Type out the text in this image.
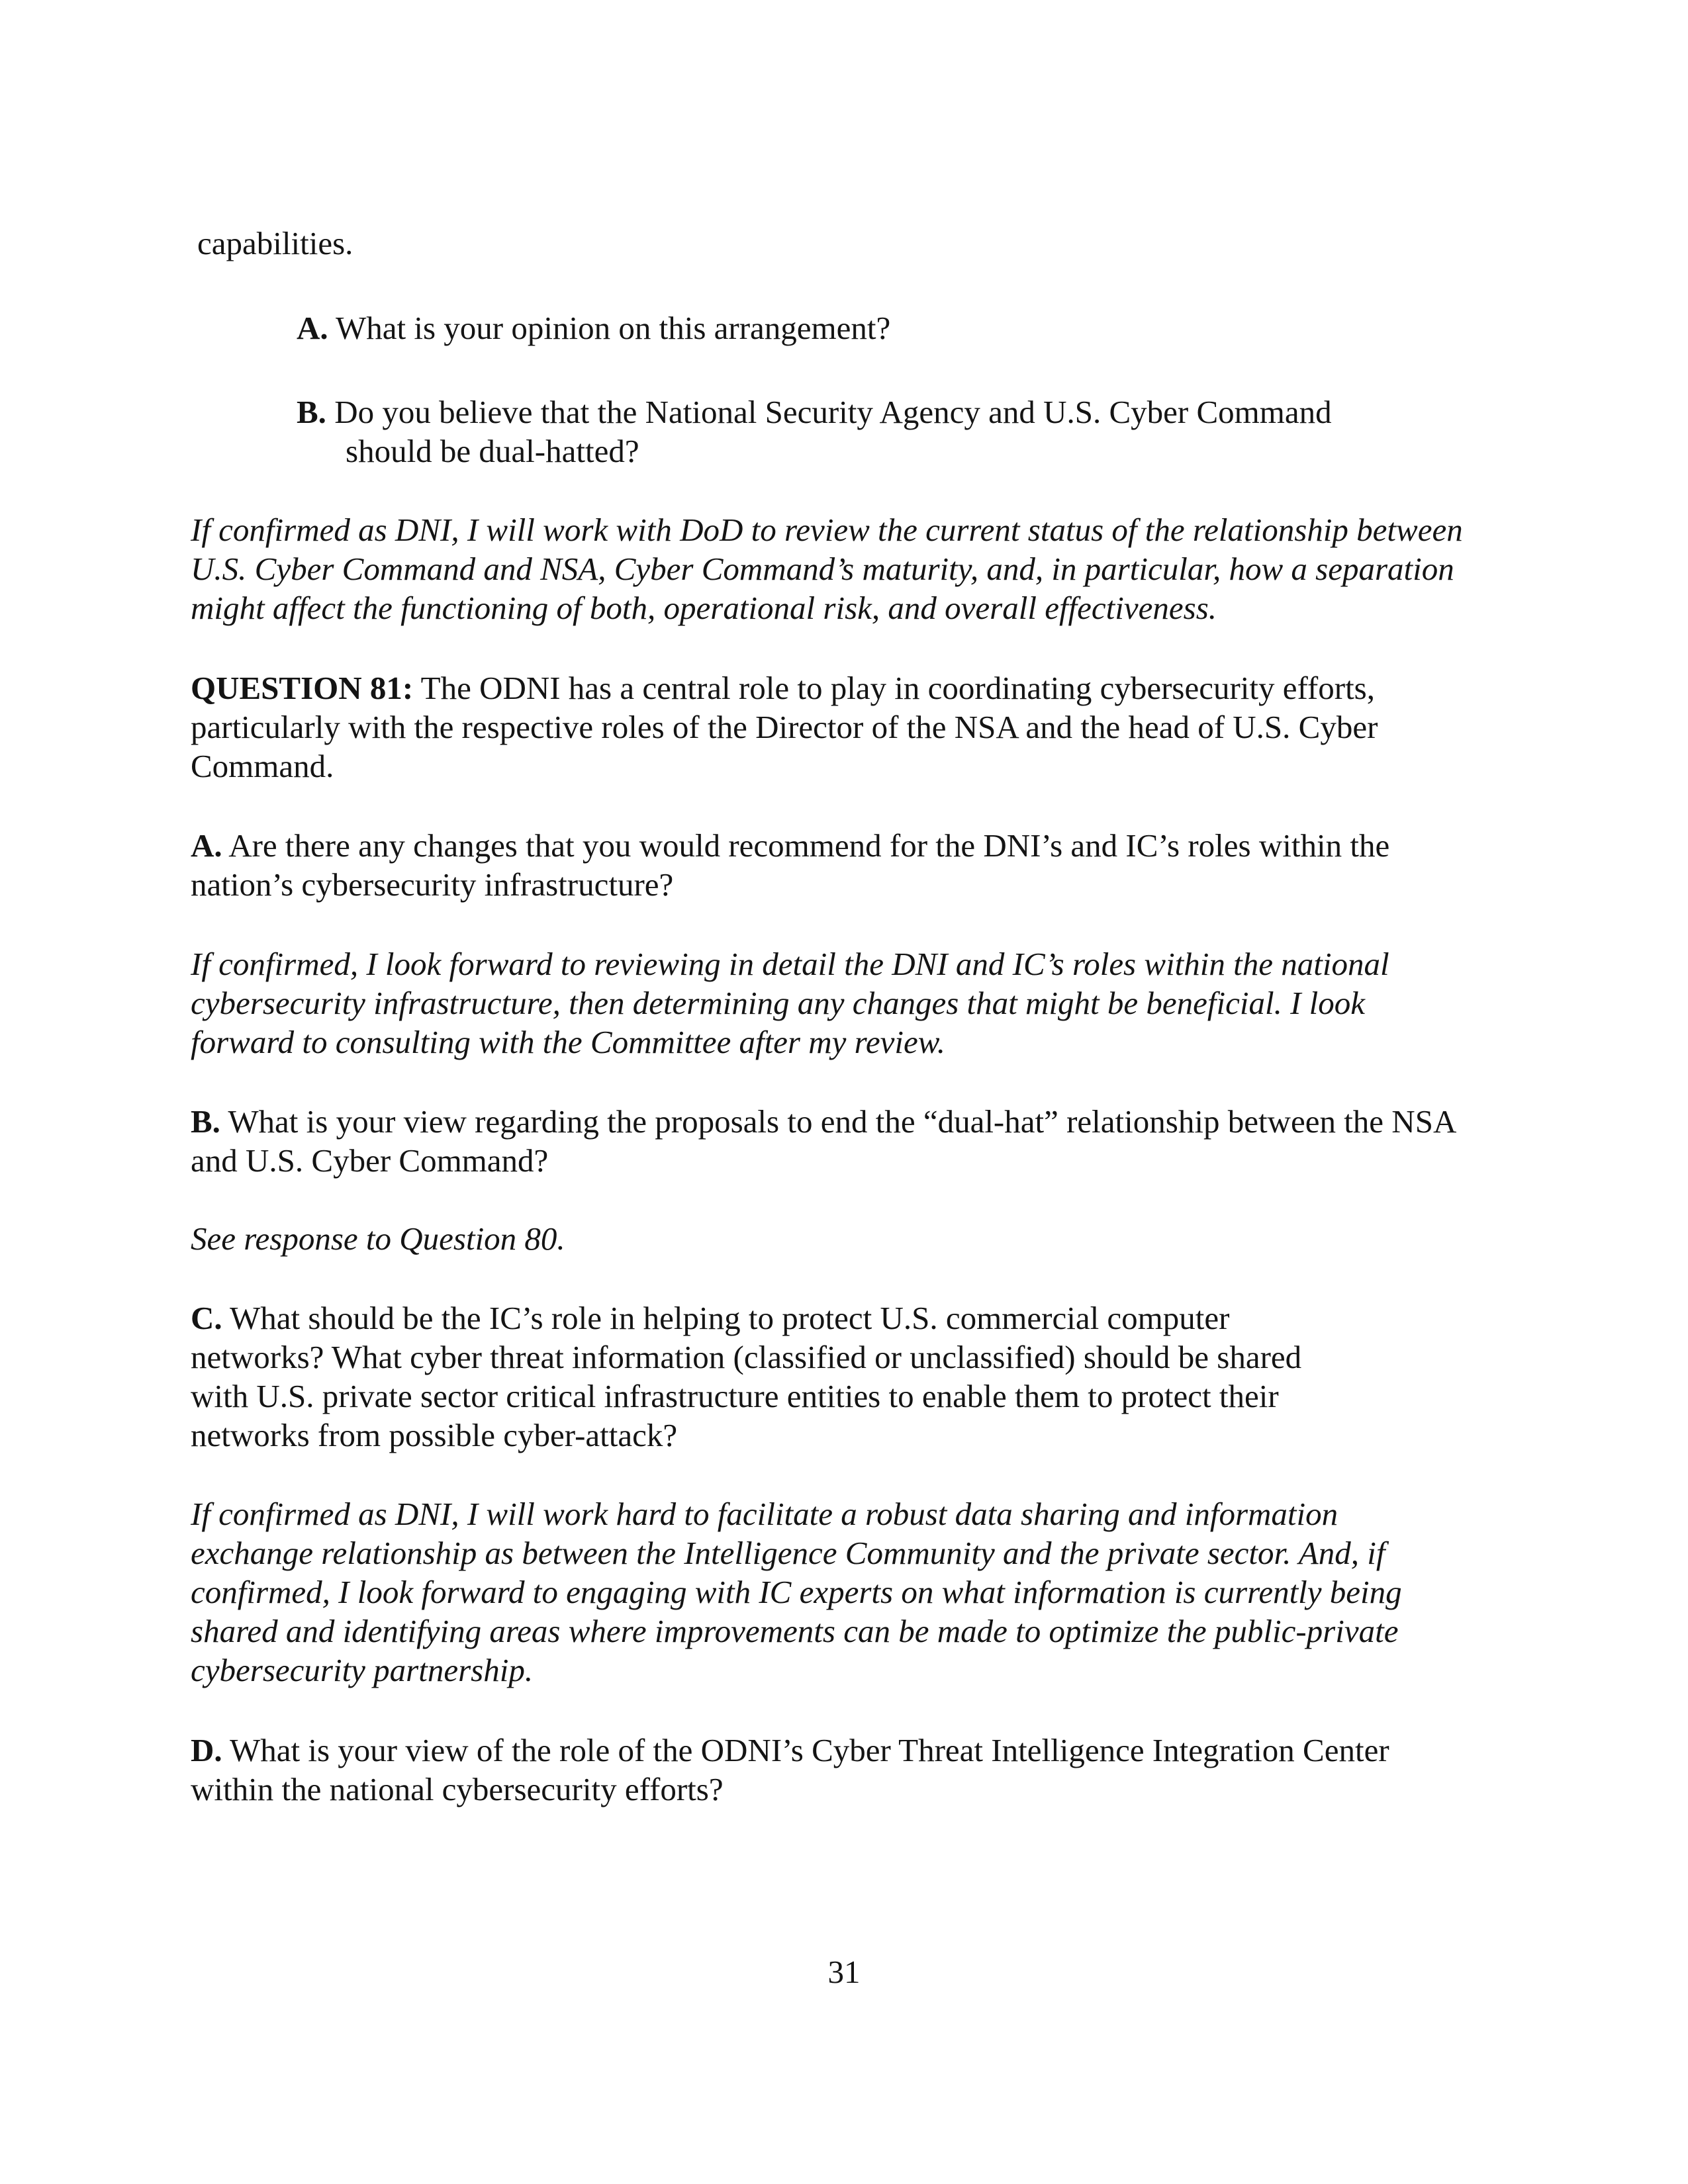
capabilities.
A. What is your opinion on this arrangement?
B. Do you believe that the National Security Agency and U.S. Cyber Command
should be dual-hatted?
If confirmed as DNI, I will work with DoD to review the current status of the relationship between
U.S. Cyber Command and NSA, Cyber Command’s maturity, and, in particular, how a separation
might affect the functioning of both, operational risk, and overall effectiveness.
QUESTION 81: The ODNI has a central role to play in coordinating cybersecurity efforts,
particularly with the respective roles of the Director of the NSA and the head of U.S. Cyber
Command.
A. Are there any changes that you would recommend for the DNI’s and IC’s roles within the
nation’s cybersecurity infrastructure?
If confirmed, I look forward to reviewing in detail the DNI and IC’s roles within the national
cybersecurity infrastructure, then determining any changes that might be beneficial. I look
forward to consulting with the Committee after my review.
B. What is your view regarding the proposals to end the “dual-hat” relationship between the NSA
and U.S. Cyber Command?
See response to Question 80.
C. What should be the IC’s role in helping to protect U.S. commercial computer
networks? What cyber threat information (classified or unclassified) should be shared
with U.S. private sector critical infrastructure entities to enable them to protect their
networks from possible cyber-attack?
If confirmed as DNI, I will work hard to facilitate a robust data sharing and information
exchange relationship as between the Intelligence Community and the private sector. And, if
confirmed, I look forward to engaging with IC experts on what information is currently being
shared and identifying areas where improvements can be made to optimize the public-private
cybersecurity partnership.
D. What is your view of the role of the ODNI’s Cyber Threat Intelligence Integration Center
within the national cybersecurity efforts?
31
